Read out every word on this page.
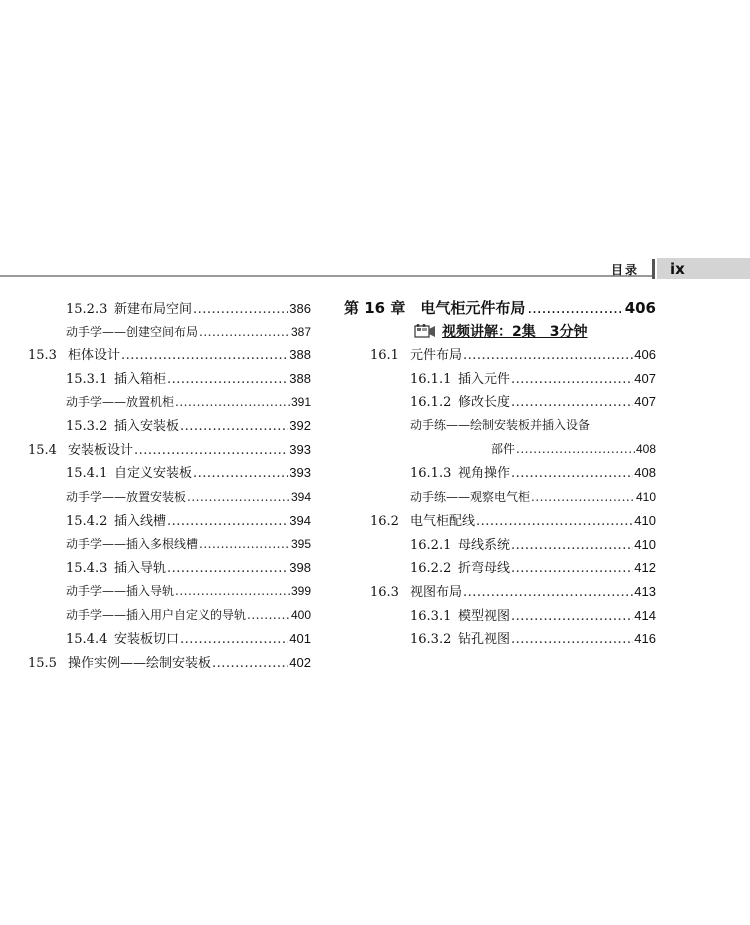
目录 ix
15.2.3 新建布局空间 .....	386
动手学——创建空间布局 .....	387
15.3 柜体设计 .....	388
15.3.1 插入箱柜 .....	388
动手学——放置机柜 .....	391
15.3.2 插入安装板 .....	392
15.4 安装板设计 .....	393
15.4.1 自定义安装板 .....	393
动手学——放置安装板 .....	394
15.4.2 插入线槽 .....	394
动手学——插入多根线槽 .....	395
15.4.3 插入导轨 .....	398
动手学——插入导轨 .....	399
动手学——插入用户自定义的导轨 .....	400
15.4.4 安装板切口 .....	401
15.5 操作实例——绘制安装板 .....	402
第 16 章　电气柜元件布局 .....	406
视频讲解：2集　3分钟
16.1 元件布局 .....	406
16.1.1 插入元件 .....	407
16.1.2 修改长度 .....	407
动手练——绘制安装板并插入设备
部件 .....	408
16.1.3 视角操作 .....	408
动手练——观察电气柜 .....	410
16.2 电气柜配线 .....	410
16.2.1 母线系统 .....	410
16.2.2 折弯母线 .....	412
16.3 视图布局 .....	413
16.3.1 模型视图 .....	414
16.3.2 钻孔视图 .....	416
